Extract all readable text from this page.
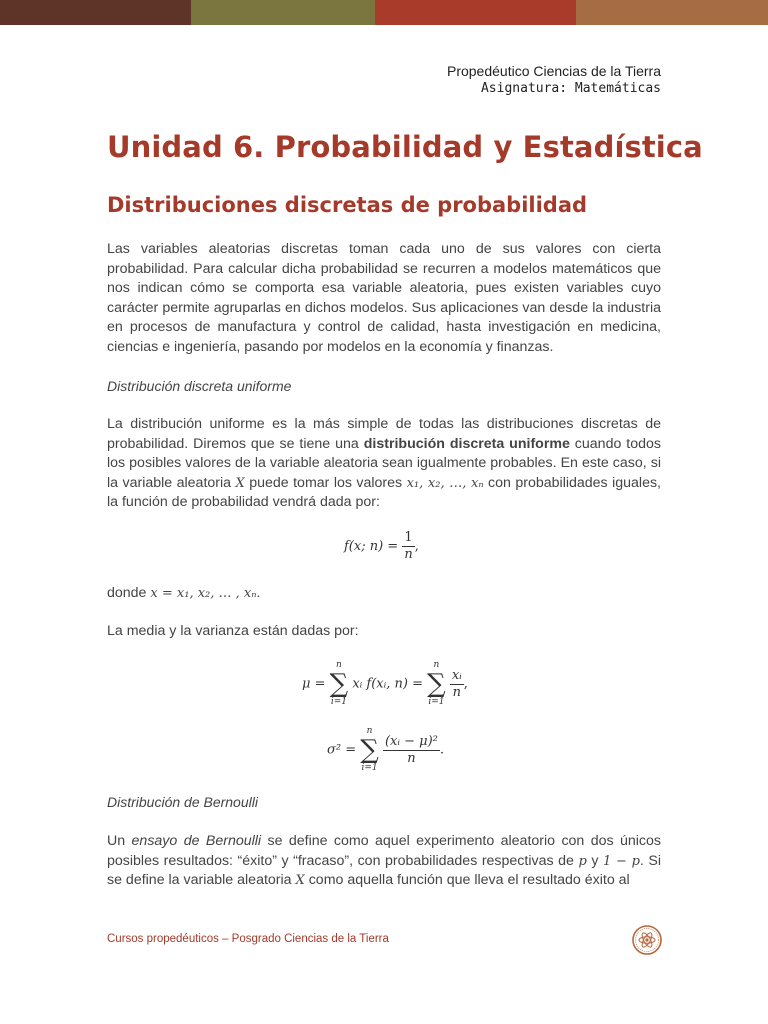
Propedéutico Ciencias de la Tierra
Asignatura: Matemáticas
Unidad 6. Probabilidad y Estadística
Distribuciones discretas de probabilidad

Las variables aleatorias discretas toman cada uno de sus valores con cierta probabilidad. Para calcular dicha probabilidad se recurren a modelos matemáticos que nos indican cómo se comporta esa variable aleatoria, pues existen variables cuyo carácter permite agruparlas en dichos modelos. Sus aplicaciones van desde la industria en procesos de manufactura y control de calidad, hasta investigación en medicina, ciencias e ingeniería, pasando por modelos en la economía y finanzas.

Distribución discreta uniforme

La distribución uniforme es la más simple de todas las distribuciones discretas de probabilidad. Diremos que se tiene una distribución discreta uniforme cuando todos los posibles valores de la variable aleatoria sean igualmente probables. En este caso, si la variable aleatoria X puede tomar los valores x₁, x₂, …, xₙ con probabilidades iguales, la función de probabilidad vendrá dada por:

f(x; $n) = \frac{1}{n}$ ,

donde x = x₁, x₂, … , xₙ.

La media y la varianza están dadas por:

μ =
n
∑
i=1
xᵢ f(xᵢ, n) =
n
∑
i=1

$\frac{\text{xᵢ}}{n}$ ,
σ² =
n
∑
i=1

$\frac{\text{(xᵢ − μ)²}}{n}$ .

Distribución de Bernoulli

Un ensayo de Bernoulli se define como aquel experimento aleatorio con dos únicos posibles resultados: “éxito” y “fracaso”, con probabilidades respectivas de p y 1 − p. Si se define la variable aleatoria X como aquella función que lleva el resultado éxito al

Cursos propedéuticos – Posgrado Ciencias de la Tierra
